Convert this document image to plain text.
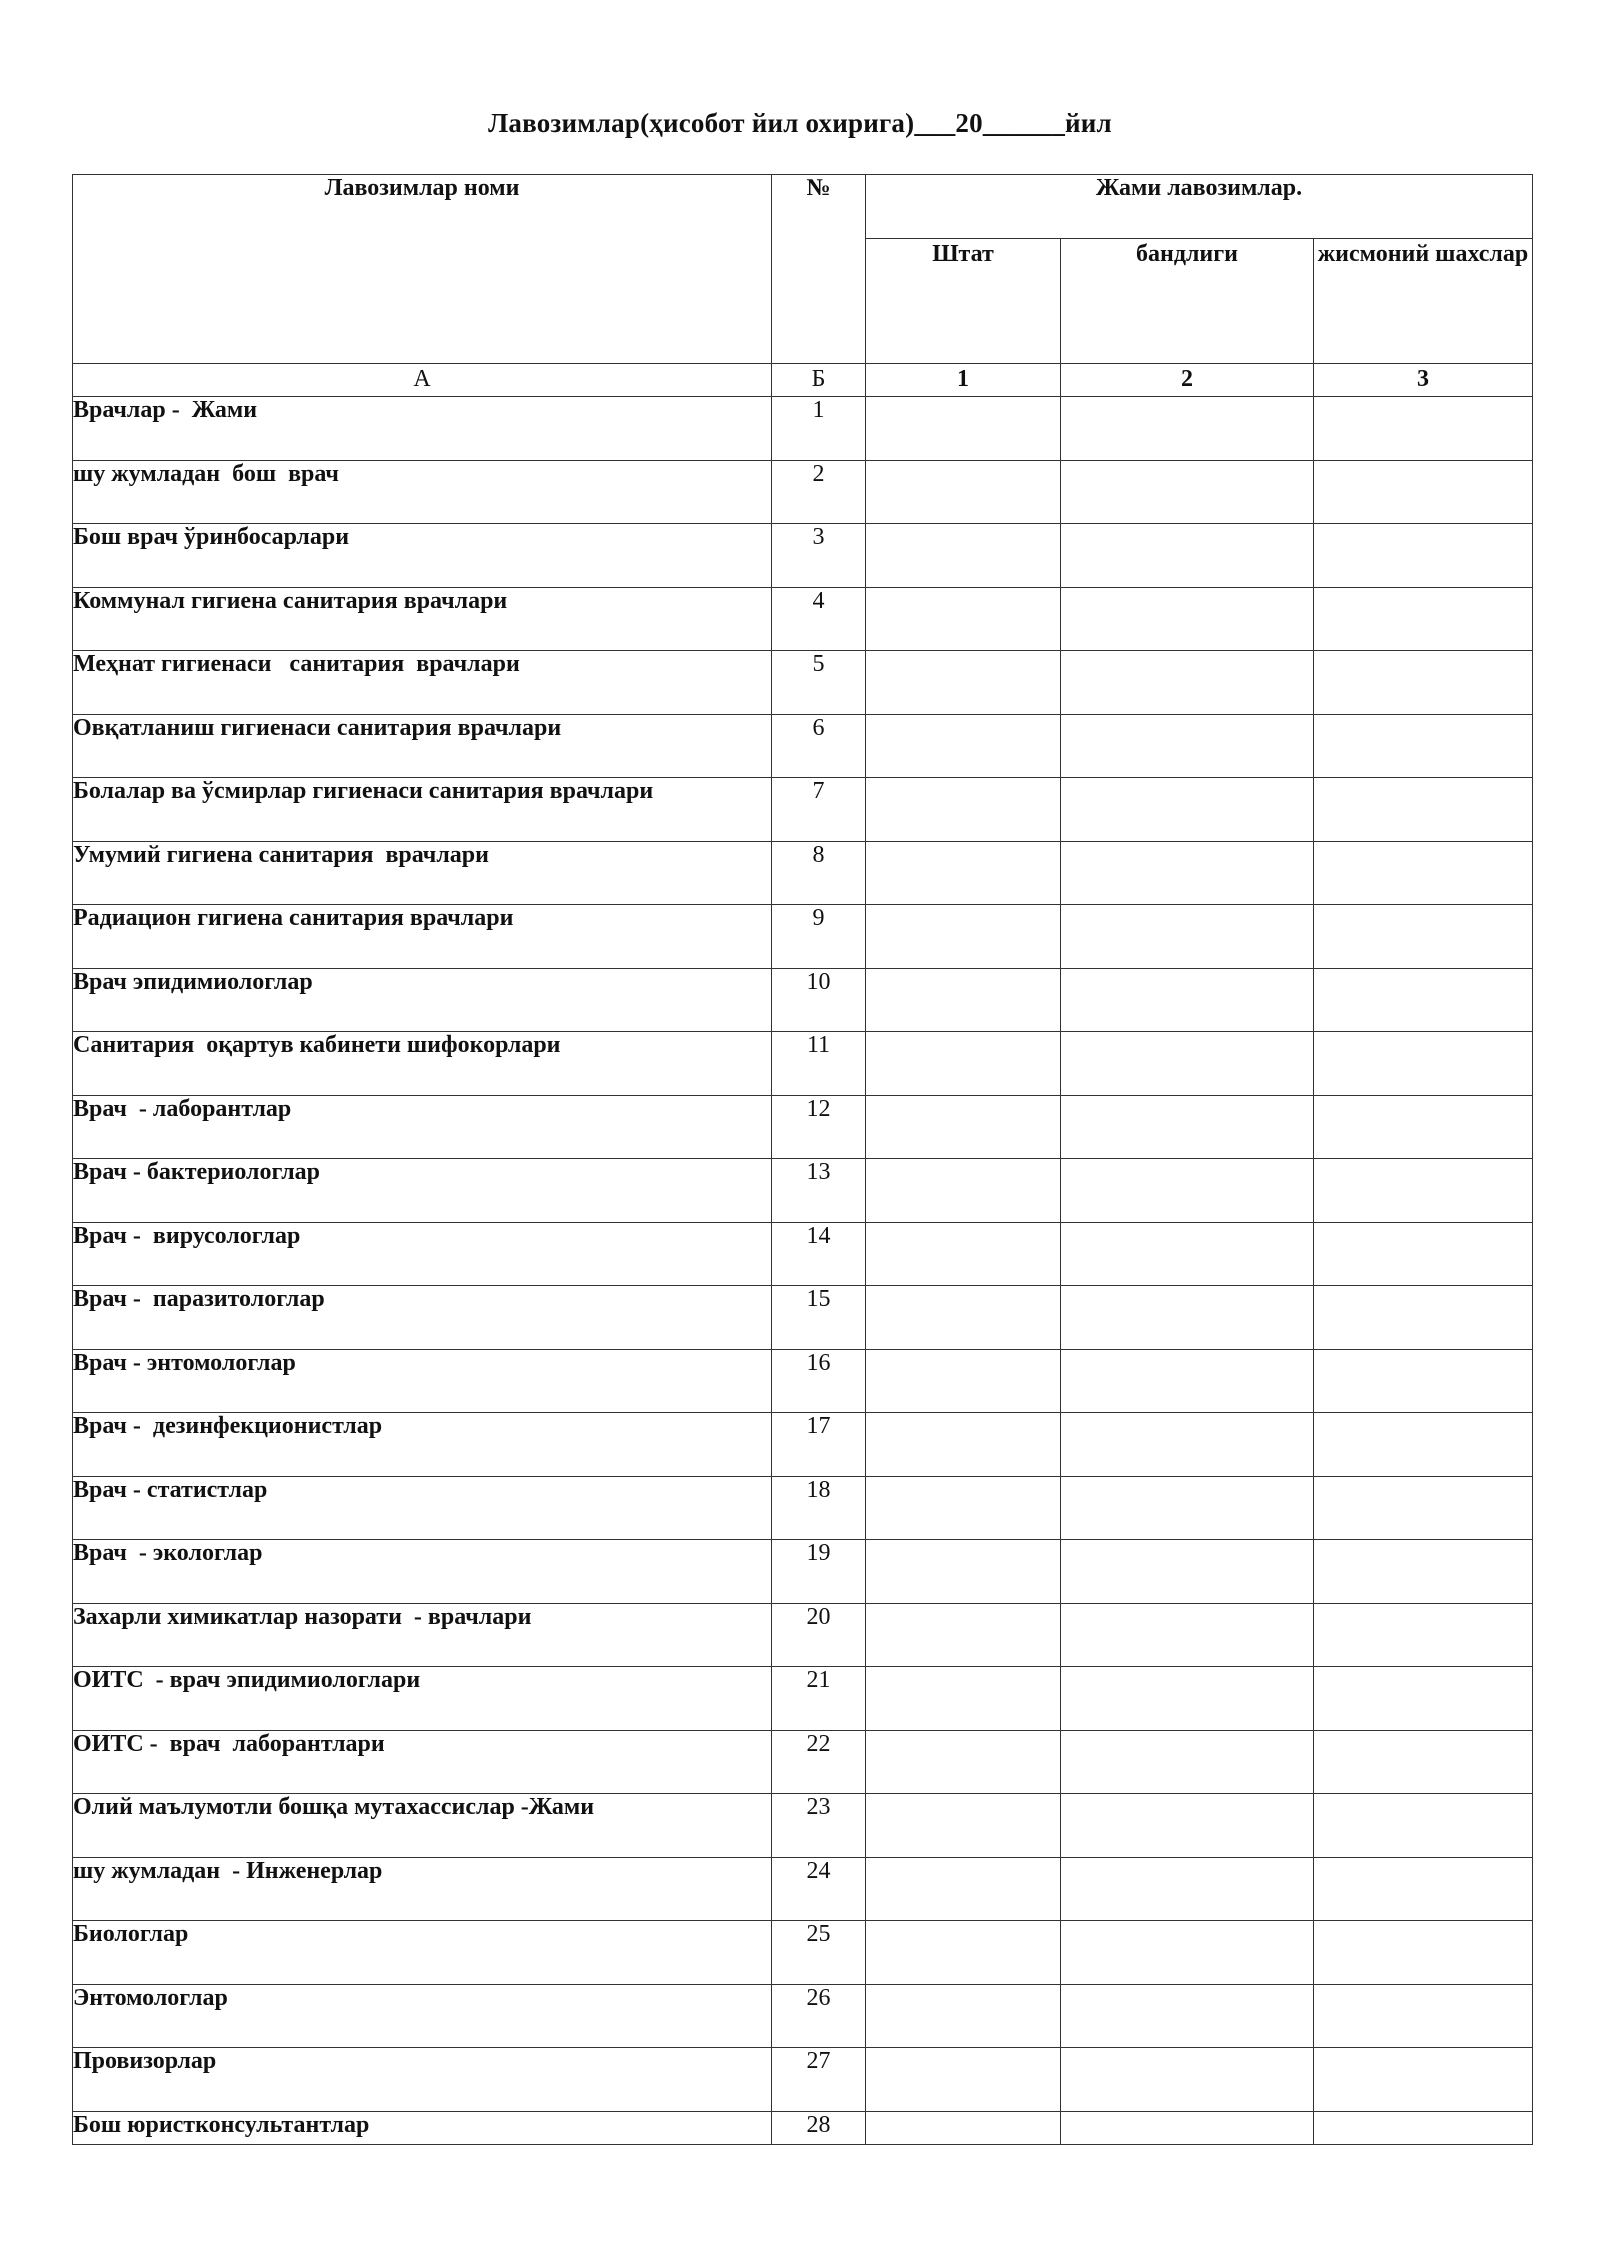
Лавозимлар(ҳисобот йил охирига)___20______йил
Лавозимлар номи	№	Жами лавозимлар.		
		Штат	бандлиги	жисмоний шахслар
А	Б	1	2	3
Врачлар -  Жами	1			
шу жумладан  бош  врач	2			
Бош врач ўринбосарлари	3			
Коммунал гигиена санитария врачлари	4			
Меҳнат гигиенаси   санитария  врачлари	5			
Овқатланиш гигиенаси санитария врачлари	6			
Болалар ва ўсмирлар гигиенаси санитария врачлари	7			
Умумий гигиена санитария  врачлари	8			
Радиацион гигиена санитария врачлари	9			
Врач эпидимиологлар	10			
Санитария  оқартув кабинети шифокорлари	11			
Врач  - лаборантлар	12			
Врач - бактериологлар	13			
Врач -  вирусологлар	14			
Врач -  паразитологлар	15			
Врач - энтомологлар	16			
Врач -  дезинфекционистлар	17			
Врач - статистлар	18			
Врач  - экологлар	19			
Захарли химикатлар назорати  - врачлари	20			
ОИТС  - врач эпидимиологлари	21			
ОИТС -  врач  лаборантлари	22			
Олий маълумотли бошқа мутахассислар -Жами	23			
шу жумладан  - Инженерлар	24			
Биологлар	25			
Энтомологлар	26			
Провизорлар	27			
Бош юристконсультантлар	28			
